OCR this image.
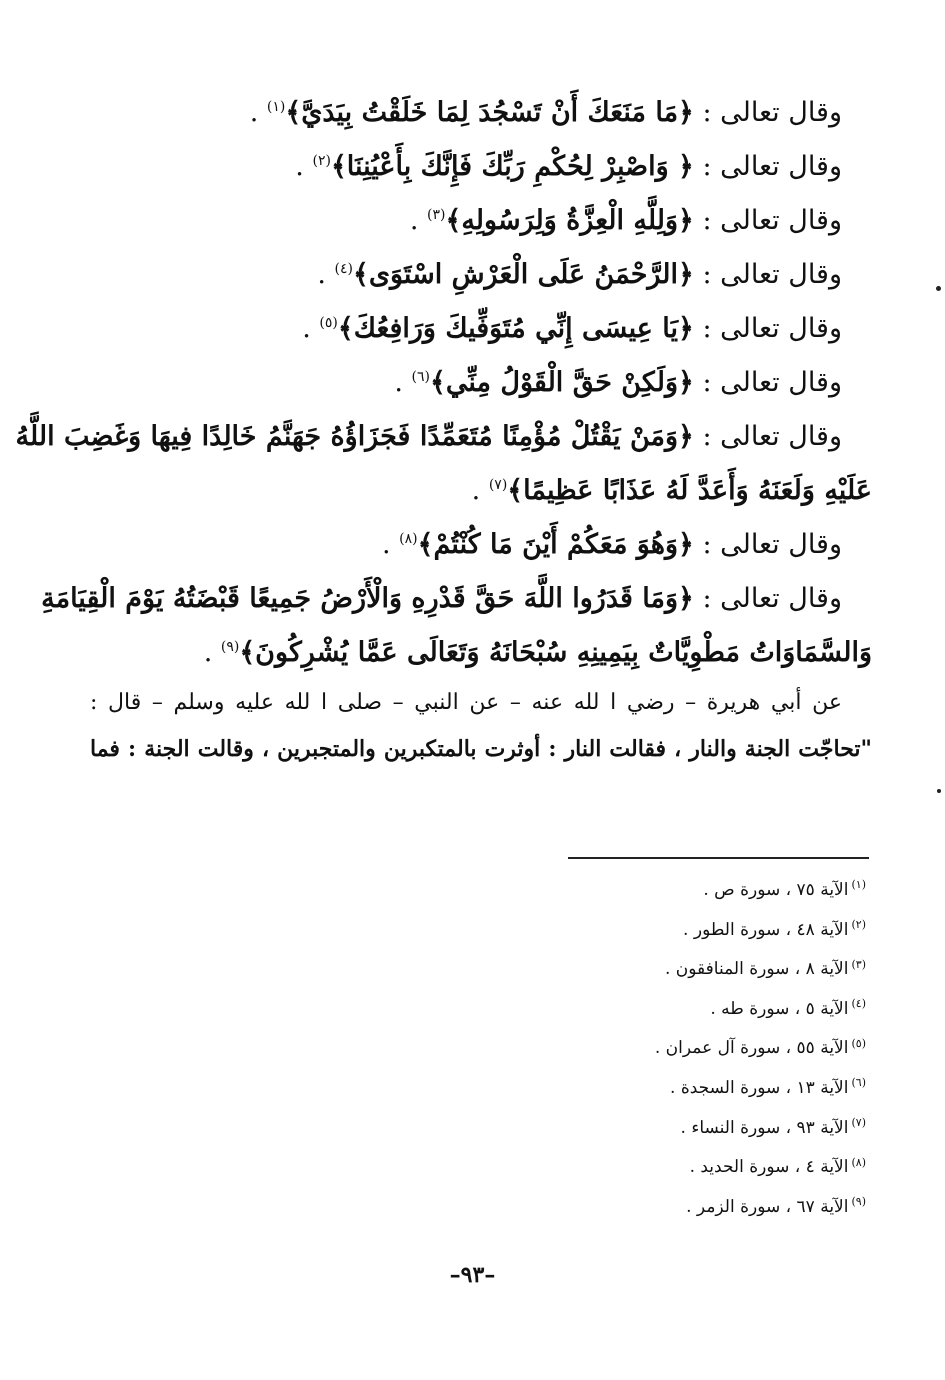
وقال تعالى : ﴿مَا مَنَعَكَ أَنْ تَسْجُدَ لِمَا خَلَقْتُ بِيَدَيَّ﴾$^{(١)}$ .
وقال تعالى : ﴿ وَاصْبِرْ لِحُكْمِ رَبِّكَ فَإِنَّكَ بِأَعْيُنِنَا﴾$^{(٢)}$ .
وقال تعالى : ﴿وَلِلَّهِ الْعِزَّةُ وَلِرَسُولِهِ﴾$^{(٣)}$ .
وقال تعالى : ﴿الرَّحْمَنُ عَلَى الْعَرْشِ اسْتَوَى﴾$^{(٤)}$ .
وقال تعالى : ﴿يَا عِيسَى إِنِّي مُتَوَفِّيكَ وَرَافِعُكَ﴾$^{(٥)}$ .
وقال تعالى : ﴿وَلَكِنْ حَقَّ الْقَوْلُ مِنِّي﴾$^{(٦)}$ .
وقال تعالى : ﴿وَمَنْ يَقْتُلْ مُؤْمِنًا مُتَعَمِّدًا فَجَزَاؤُهُ جَهَنَّمُ خَالِدًا فِيهَا وَغَضِبَ اللَّهُ
عَلَيْهِ وَلَعَنَهُ وَأَعَدَّ لَهُ عَذَابًا عَظِيمًا﴾$^{(٧)}$ .
وقال تعالى : ﴿وَهُوَ مَعَكُمْ أَيْنَ مَا كُنْتُمْ﴾$^{(٨)}$ .
وقال تعالى : ﴿وَمَا قَدَرُوا اللَّهَ حَقَّ قَدْرِهِ وَالْأَرْضُ جَمِيعًا قَبْضَتُهُ يَوْمَ الْقِيَامَةِ
وَالسَّمَاوَاتُ مَطْوِيَّاتٌ بِيَمِينِهِ سُبْحَانَهُ وَتَعَالَى عَمَّا يُشْرِكُونَ﴾$^{(٩)}$ .
عن أبي هريرة – رضي ا لله عنه – عن النبي – صلى ا لله عليه وسلم – قال :
"تحاجّت الجنة والنار ، فقالت النار : أوثرت بالمتكبرين والمتجبرين ، وقالت الجنة : فما
$^{(١)}$الآية ٧٥ ، سورة ص .
$^{(٢)}$الآية ٤٨ ، سورة الطور .
$^{(٣)}$الآية ٨ ، سورة المنافقون .
$^{(٤)}$الآية ٥ ، سورة طه .
$^{(٥)}$الآية ٥٥ ، سورة آل عمران .
$^{(٦)}$الآية ١٣ ، سورة السجدة .
$^{(٧)}$الآية ٩٣ ، سورة النساء .
$^{(٨)}$الآية ٤ ، سورة الحديد .
$^{(٩)}$الآية ٦٧ ، سورة الزمر .
–٩٣–
